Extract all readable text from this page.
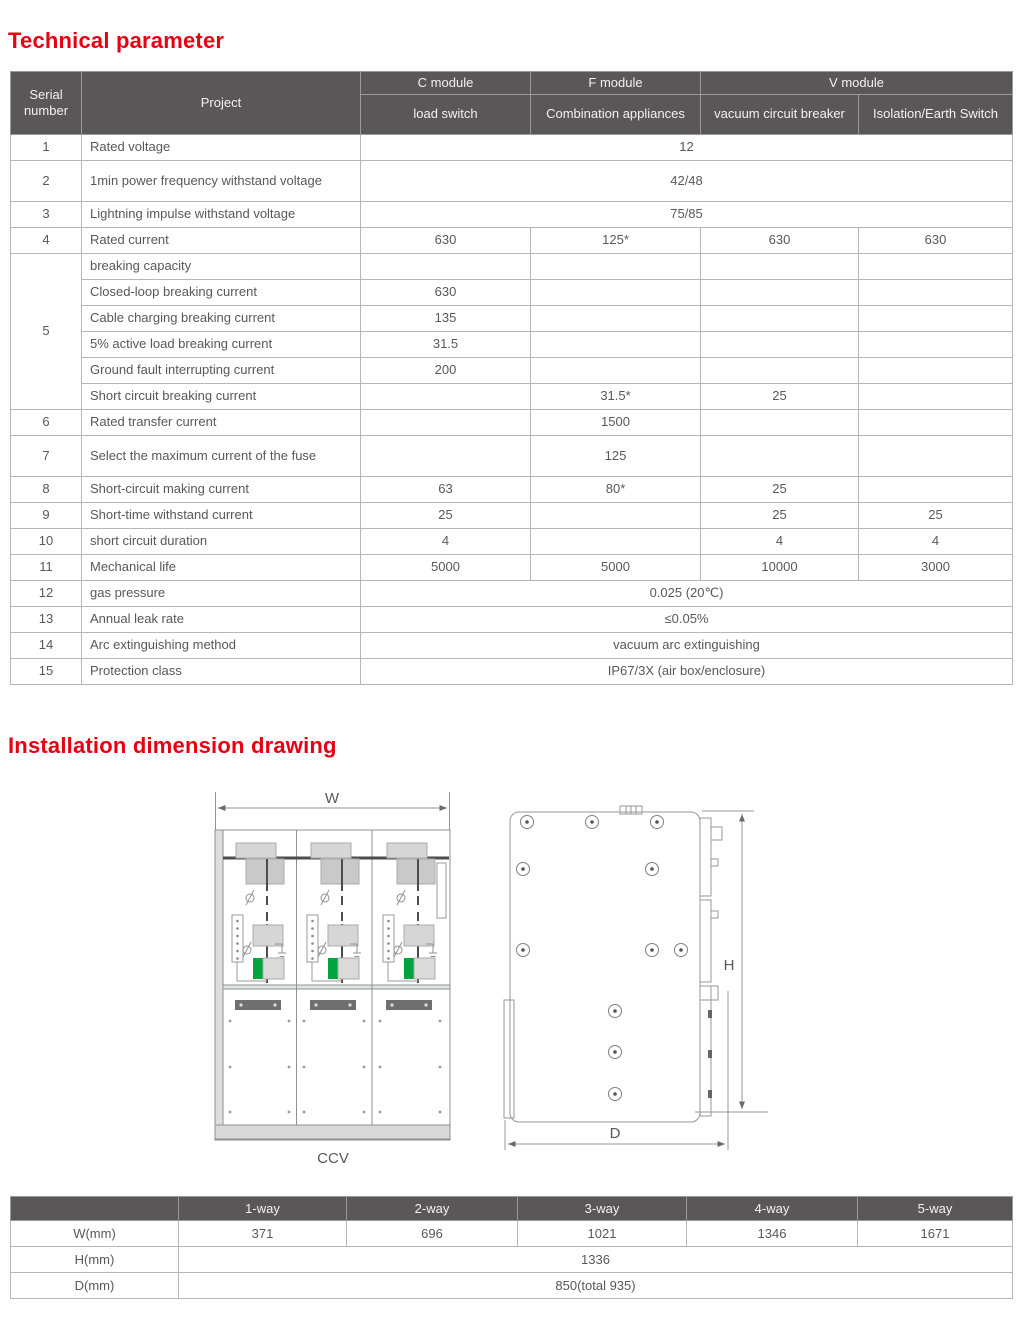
Technical parameter
Serial number	Project	C module	F module	V module	
		load switch	Combination appliances	vacuum circuit breaker	Isolation/Earth Switch
1	Rated voltage	12			
2	1min power frequency withstand voltage	42/48			
3	Lightning impulse withstand voltage	75/85			
4	Rated current	630	125*	630	630
5	breaking capacity				
	Closed-loop breaking current	630			
	Cable charging breaking current	135			
	5% active load breaking current	31.5			
	Ground fault interrupting current	200			
	Short circuit breaking current		31.5*	25	
6	Rated transfer current		1500		
7	Select the maximum current of the fuse		125		
8	Short-circuit making current	63	80*	25	
9	Short-time withstand current	25		25	25
10	short circuit duration	4		4	4
11	Mechanical life	5000	5000	10000	3000
12	gas pressure	0.025 (20℃)			
13	Annual leak rate	≤0.05%			
14	Arc extinguishing method	vacuum arc extinguishing			
15	Protection class	IP67/3X (air box/enclosure)			
Installation dimension drawing
W
CCV
H
D
	1-way	2-way	3-way	4-way	5-way
W(mm)	371	696	1021	1346	1671
H(mm)	1336				
D(mm)	850(total 935)				
